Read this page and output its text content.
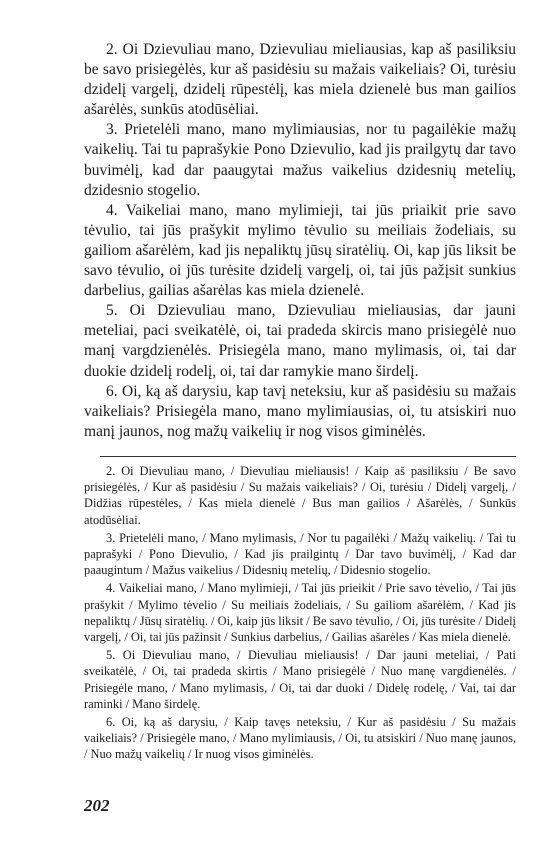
2. Oi Dzievuliau mano, Dzievuliau mieliausias, kap aš pasiliksiu be savo prisiegėlės, kur aš pasidėsiu su mažais vaikeliais? Oi, turėsiu dzidelį vargelį, dzidelį rūpestėlį, kas miela dzienelė bus man gailios ašarėlės, sunkūs atodūsėliai.

3. Prietelėli mano, mano mylimiausias, nor tu pagailėkie mažų vaikelių. Tai tu paprašykie Pono Dzievulio, kad jis prailgytų dar tavo buvimėlį, kad dar paaugytai mažus vaikelius dzidesnių metelių, dzidesnio stogelio.

4. Vaikeliai mano, mano mylimieji, tai jūs priaikit prie savo tėvulio, tai jūs prašykit mylimo tėvulio su meiliais žodeliais, su gailiom ašarėlėm, kad jis nepaliktų jūsų siratėlių. Oi, kap jūs liksit be savo tėvulio, oi jūs turėsite dzidelį vargelį, oi, tai jūs pažįsit sunkius darbelius, gailias ašarėlas kas miela dzienelė.

5. Oi Dzievuliau mano, Dzievuliau mieliausias, dar jauni meteliai, paci sveikatėlė, oi, tai pradeda skircis mano prisiegėlė nuo manį vargdzienėlės. Prisiegėla mano, mano mylimasis, oi, tai dar duokie dzidelį rodelį, oi, tai dar ramykie mano širdelį.

6. Oi, ką aš darysiu, kap tavį neteksiu, kur aš pasidėsiu su mažais vaikeliais? Prisiegėla mano, mano mylimiausias, oi, tu atsiskiri nuo manį jaunos, nog mažų vaikelių ir nog visos giminėlės.

2. Oi Dievuliau mano, / Dievuliau mieliausis! / Kaip aš pasiliksiu / Be savo prisiegėlės, / Kur aš pasidėsiu / Su mažais vaikeliais? / Oi, turėsiu / Didelį vargelį, / Didžias rūpestėles, / Kas miela dienelė / Bus man gailios / Ašarėlės, / Sunkūs atodūsėliai.

3. Prietelėli mano, / Mano mylimasis, / Nor tu pagailėki / Mažų vaikelių. / Tai tu paprašyki / Pono Dievulio, / Kad jis prailgintų / Dar tavo buvimėlį, / Kad dar paaugintum / Mažus vaikelius / Didesnių metelių, / Didesnio stogelio.

4. Vaikeliai mano, / Mano mylimieji, / Tai jūs prieikit / Prie savo tėvelio, / Tai jūs prašykit / Mylimo tėvelio / Su meiliais žodeliais, / Su gailiom ašarėlėm, / Kad jis nepaliktų / Jūsų siratėlių. / Oi, kaip jūs liksit / Be savo tėvulio, / Oi, jūs turėsite / Didelį vargelį, / Oi, tai jūs pažinsit / Sunkius darbelius, / Gailias ašarėles / Kas miela dienelė.

5. Oi Dievuliau mano, / Dievuliau mieliausis! / Dar jauni meteliai, / Pati sveikatėlė, / Oi, tai pradeda skirtis / Mano prisiegėlė / Nuo manę vargdienėlės. / Prisiegėle mano, / Mano mylimasis, / Oi, tai dar duoki / Didelę rodelę, / Vai, tai dar raminki / Mano širdelę.

6. Oi, ką aš darysiu, / Kaip tavęs neteksiu, / Kur aš pasidėsiu / Su mažais vaikeliais? / Prisiegėle mano, / Mano mylimiausis, / Oi, tu atsiskiri / Nuo manę jaunos, / Nuo mažų vaikelių / Ir nuog visos giminėlės.

202
